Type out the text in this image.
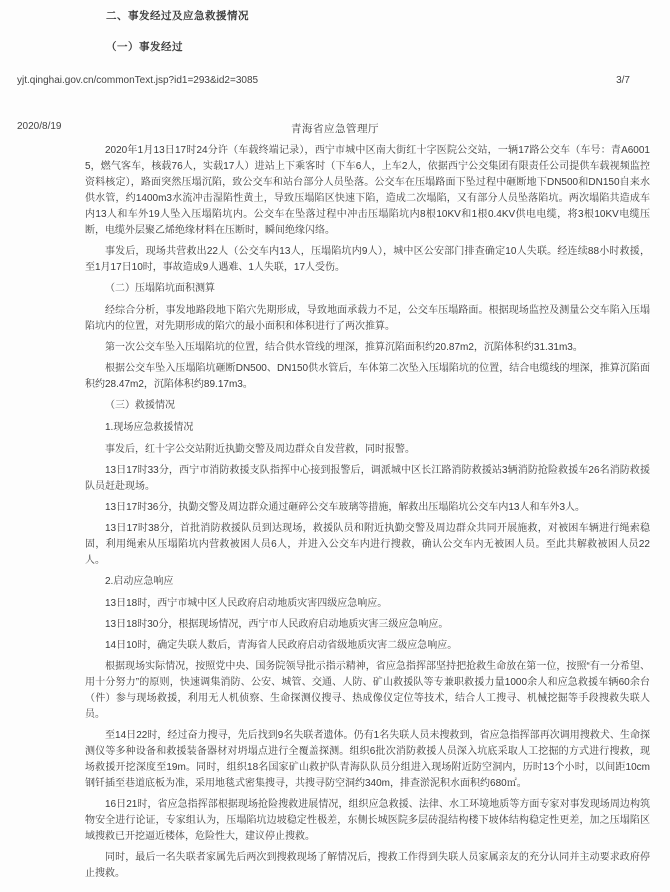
二、事发经过及应急救援情况
（一）事发经过
yjt.qinghai.gov.cn/commonText.jsp?id1=293&id2=3085	3/7
2020/8/19	青海省应急管理厅

2020年1月13日17时24分许（车载终端记录），西宁市城中区南大街红十字医院公交站，一辆17路公交车（车号：青A60015，燃气客车，核载76人，实载17人）进站上下乘客时（下车6人，上车2人，依据西宁公交集团有限责任公司提供车载视频监控资料核定），路面突然压塌沉陷，致公交车和站台部分人员坠落。公交车在压塌路面下坠过程中砸断地下DN500和DN150自来水供水管，约1400m3水流冲击湿陷性黄土，导致压塌陷区快速下陷，造成二次塌陷，又有部分人员坠落陷坑。两次塌陷共造成车内13人和车外19人坠入压塌陷坑内。公交车在坠落过程中冲击压塌陷坑内8根10KV和1根0.4KV供电电缆，将3根10KV电缆压断，电缆外层聚乙烯绝缘材料在压断时，瞬间绝缘闪络。

事发后，现场共营救出22人（公交车内13人，压塌陷坑内9人），城中区公安部门排查确定10人失联。经连续88小时救援，至1月17日10时，事故造成9人遇难、1人失联，17人受伤。

（二）压塌陷坑面积测算

经综合分析，事发地路段地下陷穴先期形成，导致地面承载力不足，公交车压塌路面。根据现场监控及测量公交车陷入压塌陷坑内的位置，对先期形成的陷穴的最小面积和体积进行了两次推算。

第一次公交车坠入压塌陷坑的位置，结合供水管线的埋深，推算沉陷面积约20.87m2，沉陷体积约31.31m3。

根据公交车坠入压塌陷坑砸断DN500、DN150供水管后，车体第二次坠入压塌陷坑的位置，结合电缆线的埋深，推算沉陷面积约28.47m2，沉陷体积约89.17m3。

（三）救援情况

1.现场应急救援情况

事发后，红十字公交站附近执勤交警及周边群众自发营救，同时报警。

13日17时33分，西宁市消防救援支队指挥中心接到报警后，调派城中区长江路消防救援站3辆消防抢险救援车26名消防救援队员赶赴现场。

13日17时36分，执勤交警及周边群众通过砸碎公交车玻璃等措施，解救出压塌陷坑公交车内13人和车外3人。

13日17时38分，首批消防救援队员到达现场，救援队员和附近执勤交警及周边群众共同开展施救，对被困车辆进行绳索稳固，利用绳索从压塌陷坑内营救被困人员6人，并进入公交车内进行搜救，确认公交车内无被困人员。至此共解救被困人员22人。

2.启动应急响应

13日18时，西宁市城中区人民政府启动地质灾害四级应急响应。

13日18时30分，根据现场情况，西宁市人民政府启动地质灾害三级应急响应。

14日10时，确定失联人数后，青海省人民政府启动省级地质灾害二级应急响应。

根据现场实际情况，按照党中央、国务院领导批示指示精神，省应急指挥部坚持把抢救生命放在第一位，按照“有一分希望、用十分努力”的原则，快速调集消防、公安、城管、交通、人防、矿山救援队等专兼职救援力量1000余人和应急救援车辆60余台（件）参与现场救援，利用无人机侦察、生命探测仪搜寻、热成像仪定位等技术，结合人工搜寻、机械挖掘等手段搜救失联人员。

至14日22时，经过奋力搜寻，先后找到9名失联者遗体。仍有1名失联人员未搜救到，省应急指挥部再次调用搜救犬、生命探测仪等多种设备和救援装备器材对坍塌点进行全覆盖探测。组织6批次消防救援人员深入坑底采取人工挖掘的方式进行搜救，现场救援开挖深度至19m。同时，组织18名国家矿山救护队青海队队员分组进入现场附近防空洞内，历时13个小时，以间距10cm钢钎插至巷道底板为准，采用地毯式密集搜寻，共搜寻防空洞约340m，排查淤泥积水面积约680㎡。

16日21时，省应急指挥部根据现场抢险搜救进展情况，组织应急救援、法律、水工环境地质等方面专家对事发现场周边构筑物安全进行论证，专家组认为，压塌陷坑边坡稳定性极差，东侧长城医院多层砖混结构楼下坡体结构稳定性更差，加之压塌陷区域搜救已开挖逼近楼体，危险性大，建议停止搜救。

同时，最后一名失联者家属先后两次到搜救现场了解情况后，搜救工作得到失联人员家属亲友的充分认同并主动要求政府停止搜救。
